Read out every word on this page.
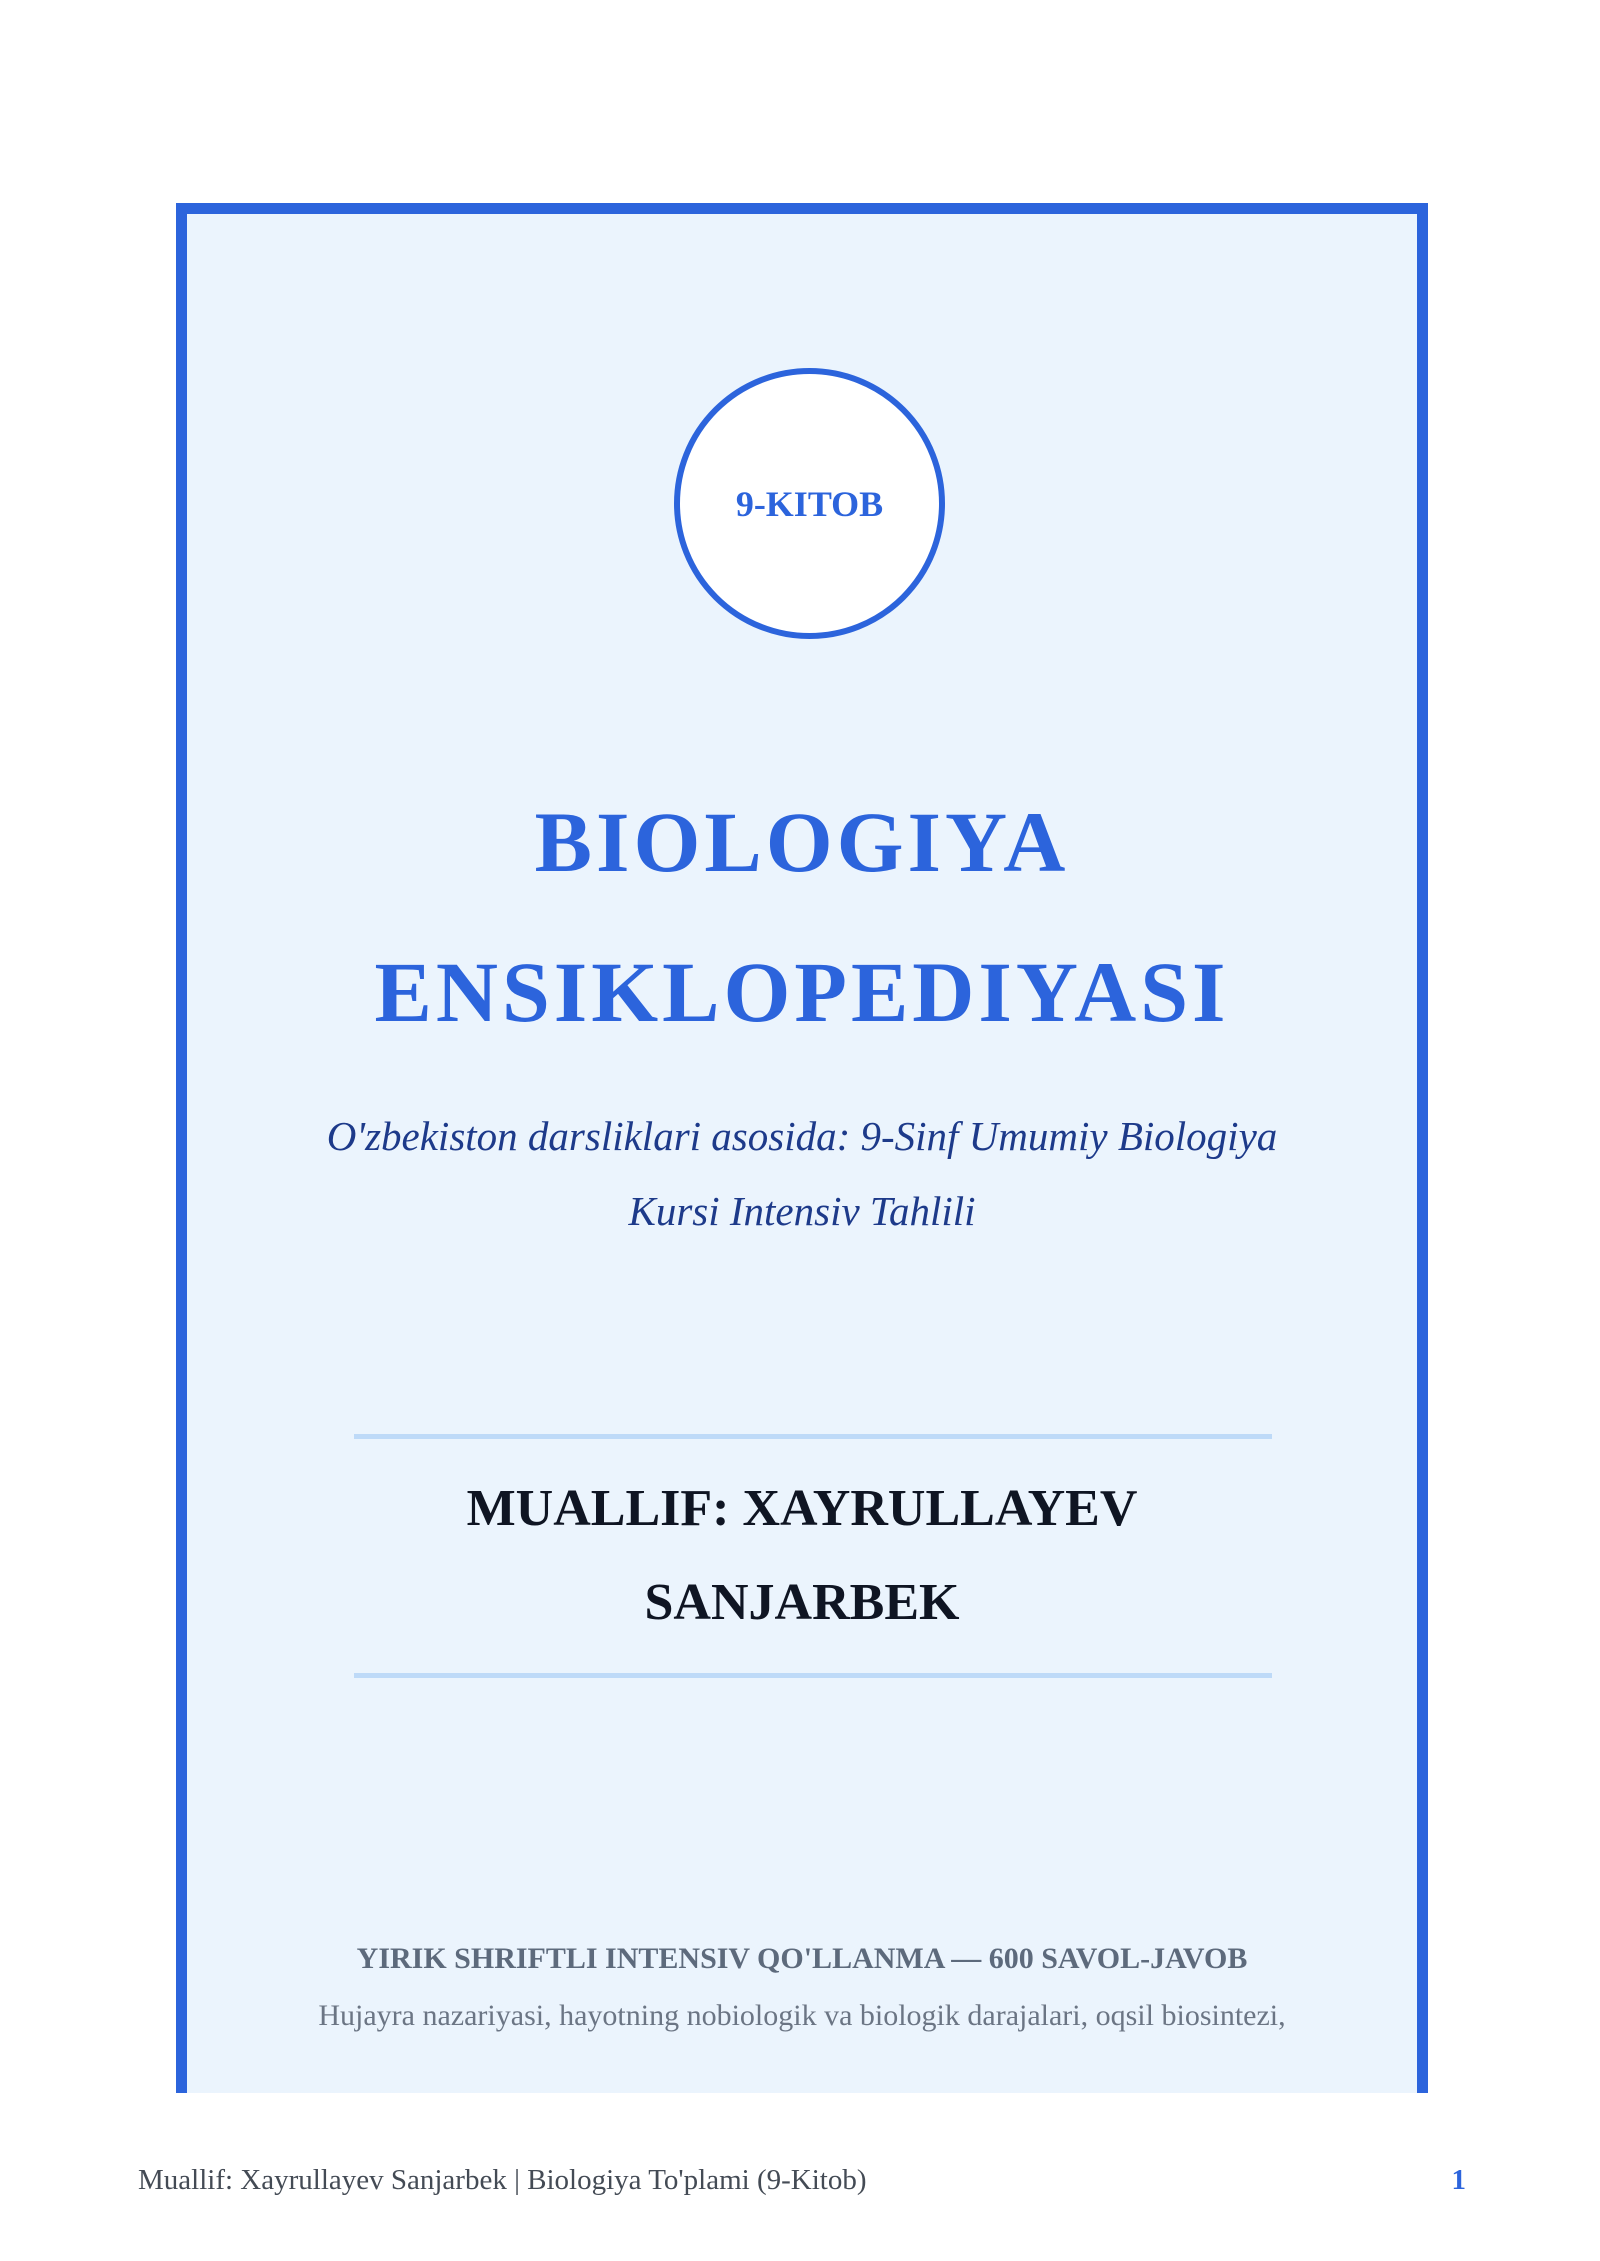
9-KITOB
BIOLOGIYA
ENSIKLOPEDIYASI
O'zbekiston darsliklari asosida: 9-Sinf Umumiy Biologiya Kursi Intensiv Tahlili
MUALLIF: XAYRULLAYEV
SANJARBEK
YIRIK SHRIFTLI INTENSIV QO'LLANMA — 600 SAVOL-JAVOB
Hujayra nazariyasi, hayotning nobiologik va biologik darajalari, oqsil biosintezi,
Muallif: Xayrullayev Sanjarbek | Biologiya To'plami (9-Kitob)	1
